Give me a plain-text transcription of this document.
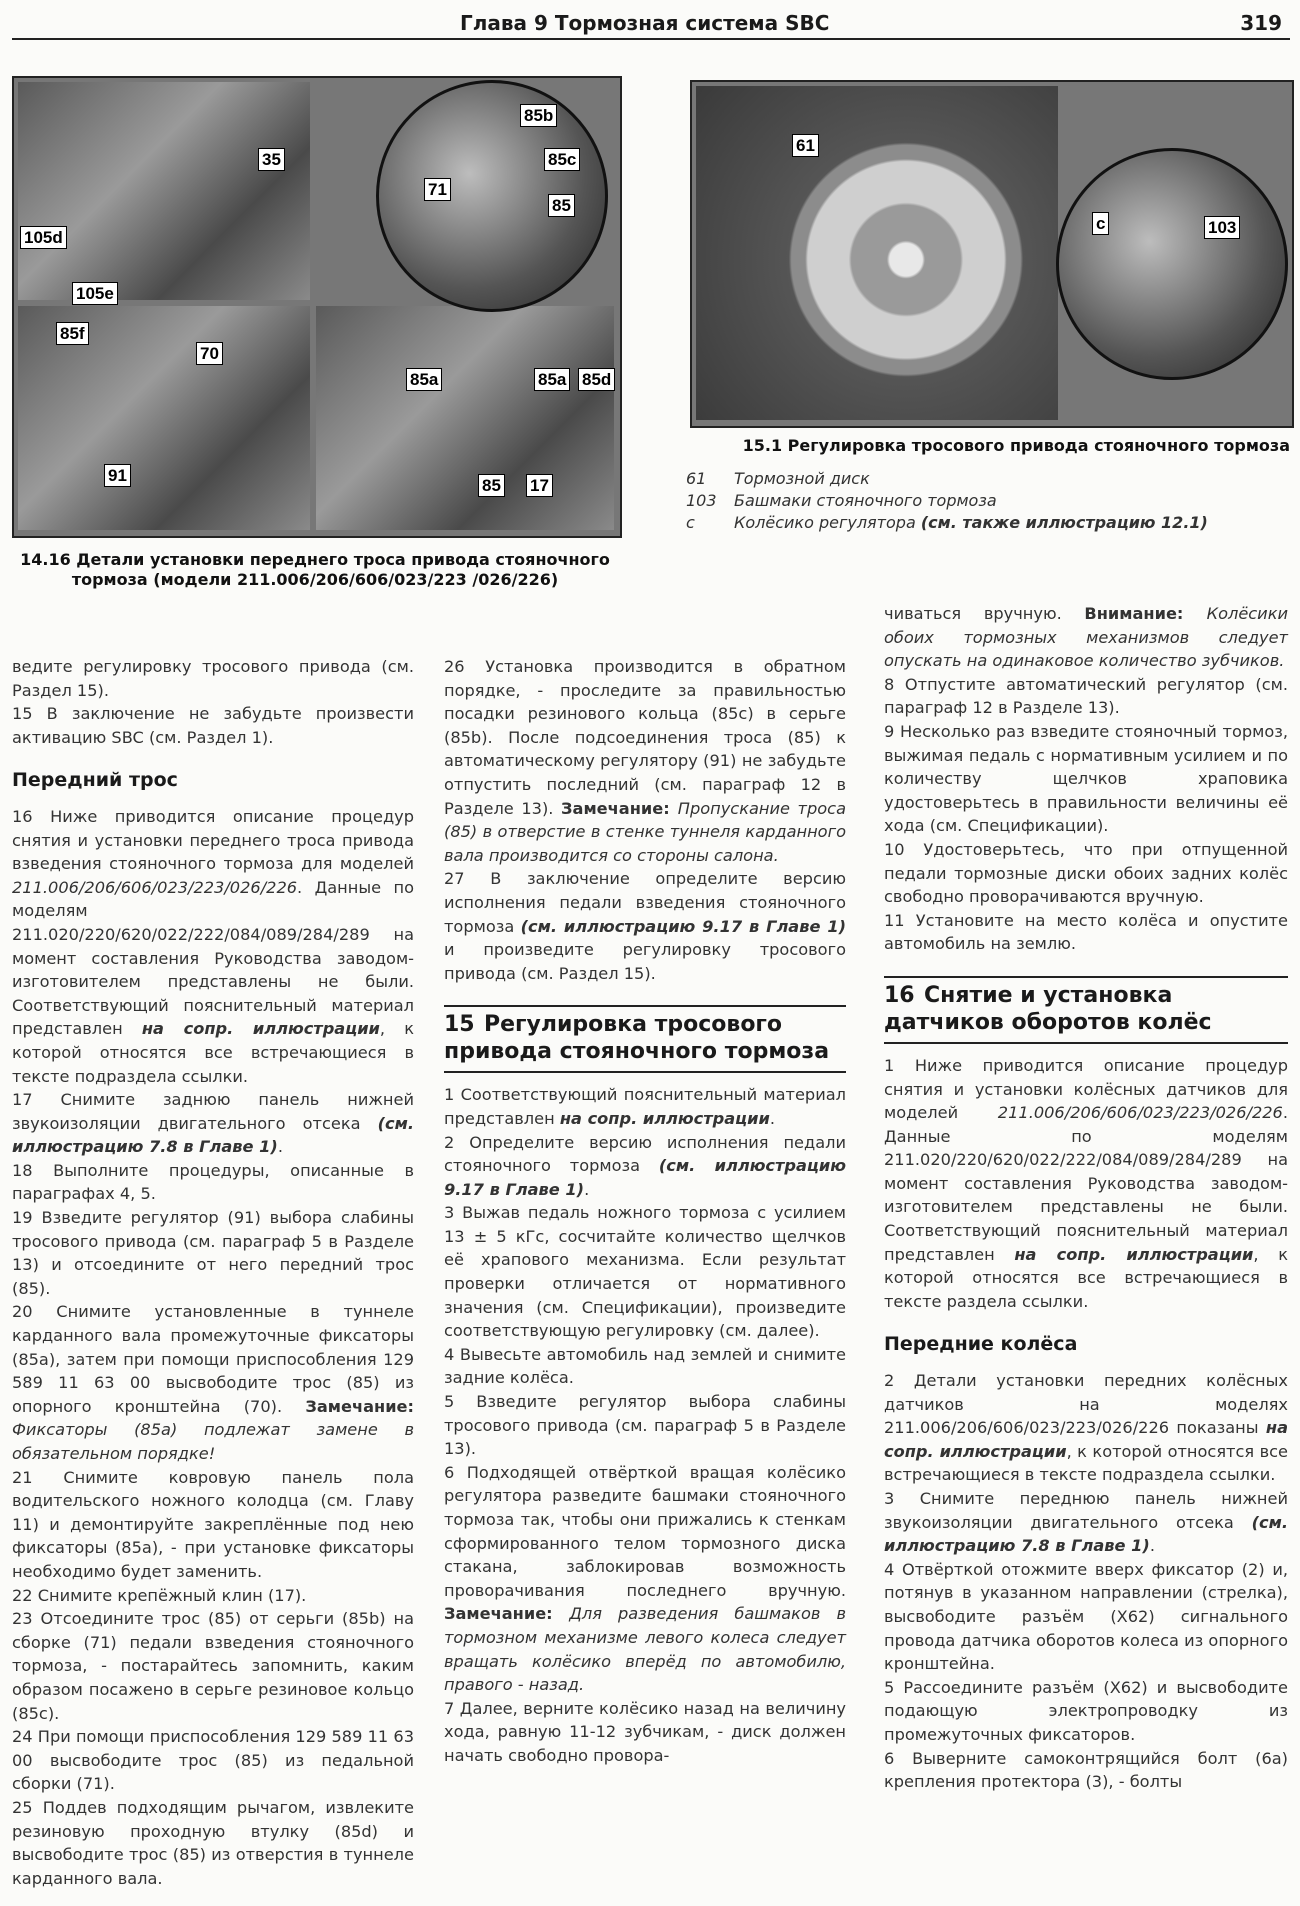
Глава 9 Тормозная система SBC	319
35
105d
105e
85b
85c
71
85
85f
70
91
85a	85a 85d
85 17
14.16 Детали установки переднего троса привода стояночного тормоза (модели 211.006/206/606/023/223 /026/226)
61
c	103
15.1 Регулировка тросового привода стояночного тормоза
61 Тормозной диск
103 Башмаки стояночного тормоза
c Колёсико регулятора (см. также иллюстрацию 12.1)

ведите регулировку тросового привода (см. Раздел 15).

15 В заключение не забудьте произвести активацию SBC (см. Раздел 1).

Передний трос

16 Ниже приводится описание процедур снятия и установки переднего троса привода взведения стояночного тормоза для моделей 211.006/206/606/023/223/026/226. Данные по моделям 211.020/220/620/022/222/084/089/284/289 на момент составления Руководства заводом-изготовителем представлены не были. Соответствующий пояснительный материал представлен на сопр. иллюстрации, к которой относятся все встречающиеся в тексте подраздела ссылки.

17 Снимите заднюю панель нижней звукоизоляции двигательного отсека (см. иллюстрацию 7.8 в Главе 1).

18 Выполните процедуры, описанные в параграфах 4, 5.

19 Взведите регулятор (91) выбора слабины тросового привода (см. параграф 5 в Разделе 13) и отсоедините от него передний трос (85).

20 Снимите установленные в туннеле карданного вала промежуточные фиксаторы (85а), затем при помощи приспособления 129 589 11 63 00 высвободите трос (85) из опорного кронштейна (70). Замечание: Фиксаторы (85а) подлежат замене в обязательном порядке!

21 Снимите ковровую панель пола водительского ножного колодца (см. Главу 11) и демонтируйте закреплённые под нею фиксаторы (85а), - при установке фиксаторы необходимо будет заменить.

22 Снимите крепёжный клин (17).

23 Отсоедините трос (85) от серьги (85b) на сборке (71) педали взведения стояночного тормоза, - постарайтесь запомнить, каким образом посажено в серьге резиновое кольцо (85с).

24 При помощи приспособления 129 589 11 63 00 высвободите трос (85) из педальной сборки (71).

25 Поддев подходящим рычагом, извлеките резиновую проходную втулку (85d) и высвободите трос (85) из отверстия в туннеле карданного вала.

26 Установка производится в обратном порядке, - проследите за правильностью посадки резинового кольца (85с) в серьге (85b). После подсоединения троса (85) к автоматическому регулятору (91) не забудьте отпустить последний (см. параграф 12 в Разделе 13). Замечание: Пропускание троса (85) в отверстие в стенке туннеля карданного вала производится со стороны салона.

27 В заключение определите версию исполнения педали взведения стояночного тормоза (см. иллюстрацию 9.17 в Главе 1) и произведите регулировку тросового привода (см. Раздел 15).

15 Регулировка тросового привода стояночного тормоза

1 Соответствующий пояснительный материал представлен на сопр. иллюстрации.

2 Определите версию исполнения педали стояночного тормоза (см. иллюстрацию 9.17 в Главе 1).

3 Выжав педаль ножного тормоза с усилием 13 ± 5 кГс, сосчитайте количество щелчков её храпового механизма. Если результат проверки отличается от нормативного значения (см. Спецификации), произведите соответствующую регулировку (см. далее).

4 Вывесьте автомобиль над землей и снимите задние колёса.

5 Взведите регулятор выбора слабины тросового привода (см. параграф 5 в Разделе 13).

6 Подходящей отвёрткой вращая колёсико регулятора разведите башмаки стояночного тормоза так, чтобы они прижались к стенкам сформированного телом тормозного диска стакана, заблокировав возможность проворачивания последнего вручную. Замечание: Для разведения башмаков в тормозном механизме левого колеса следует вращать колёсико вперёд по автомобилю, правого - назад.

7 Далее, верните колёсико назад на величину хода, равную 11-12 зубчикам, - диск должен начать свободно провора-

чиваться вручную. Внимание: Колёсики обоих тормозных механизмов следует опускать на одинаковое количество зубчиков.

8 Отпустите автоматический регулятор (см. параграф 12 в Разделе 13).

9 Несколько раз взведите стояночный тормоз, выжимая педаль с нормативным усилием и по количеству щелчков храповика удостоверьтесь в правильности величины её хода (см. Спецификации).

10 Удостоверьтесь, что при отпущенной педали тормозные диски обоих задних колёс свободно проворачиваются вручную.

11 Установите на место колёса и опустите автомобиль на землю.

16 Снятие и установка датчиков оборотов колёс

1 Ниже приводится описание процедур снятия и установки колёсных датчиков для моделей 211.006/206/606/023/223/026/226. Данные по моделям 211.020/220/620/022/222/084/089/284/289 на момент составления Руководства заводом-изготовителем представлены не были. Соответствующий пояснительный материал представлен на сопр. иллюстрации, к которой относятся все встречающиеся в тексте раздела ссылки.

Передние колёса

2 Детали установки передних колёсных датчиков на моделях 211.006/206/606/023/223/026/226 показаны на сопр. иллюстрации, к которой относятся все встречающиеся в тексте подраздела ссылки.

3 Снимите переднюю панель нижней звукоизоляции двигательного отсека (см. иллюстрацию 7.8 в Главе 1).

4 Отвёрткой отожмите вверх фиксатор (2) и, потянув в указанном направлении (стрелка), высвободите разъём (Х62) сигнального провода датчика оборотов колеса из опорного кронштейна.

5 Рассоедините разъём (Х62) и высвободите подающую электропроводку из промежуточных фиксаторов.

6 Выверните самоконтрящийся болт (6а) крепления протектора (3), - болты
